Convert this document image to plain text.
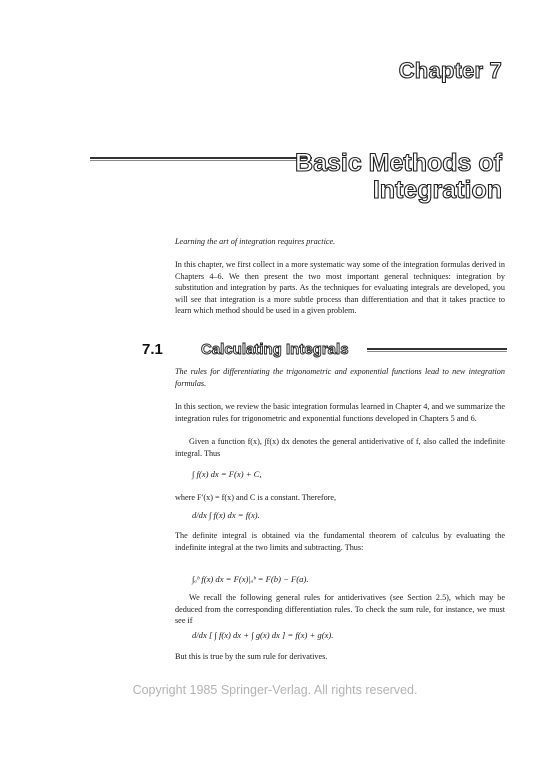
Chapter 7
Basic Methods of
Integration
Learning the art of integration requires practice.
In this chapter, we first collect in a more systematic way some of the integration formulas derived in Chapters 4–6. We then present the two most important general techniques: integration by substitution and integration by parts. As the techniques for evaluating integrals are developed, you will see that integration is a more subtle process than differentiation and that it takes practice to learn which method should be used in a given problem.
7.1	Calculating Integrals
The rules for differentiating the trigonometric and exponential functions lead to new integration formulas.
In this section, we review the basic integration formulas learned in Chapter 4, and we summarize the integration rules for trigonometric and exponential functions developed in Chapters 5 and 6.
Given a function f(x), ∫f(x) dx denotes the general antiderivative of f, also called the indefinite integral. Thus
∫ f(x) dx = F(x) + C,
where F′(x) = f(x) and C is a constant. Therefore,
d/dx ∫ f(x) dx = f(x).
The definite integral is obtained via the fundamental theorem of calculus by evaluating the indefinite integral at the two limits and subtracting. Thus:
∫ₐᵇ f(x) dx = F(x)|ₐᵇ = F(b) − F(a).
We recall the following general rules for antiderivatives (see Section 2.5), which may be deduced from the corresponding differentiation rules. To check the sum rule, for instance, we must see if
d/dx [ ∫ f(x) dx + ∫ g(x) dx ] = f(x) + g(x).
But this is true by the sum rule for derivatives.
Copyright 1985 Springer-Verlag. All rights reserved.
